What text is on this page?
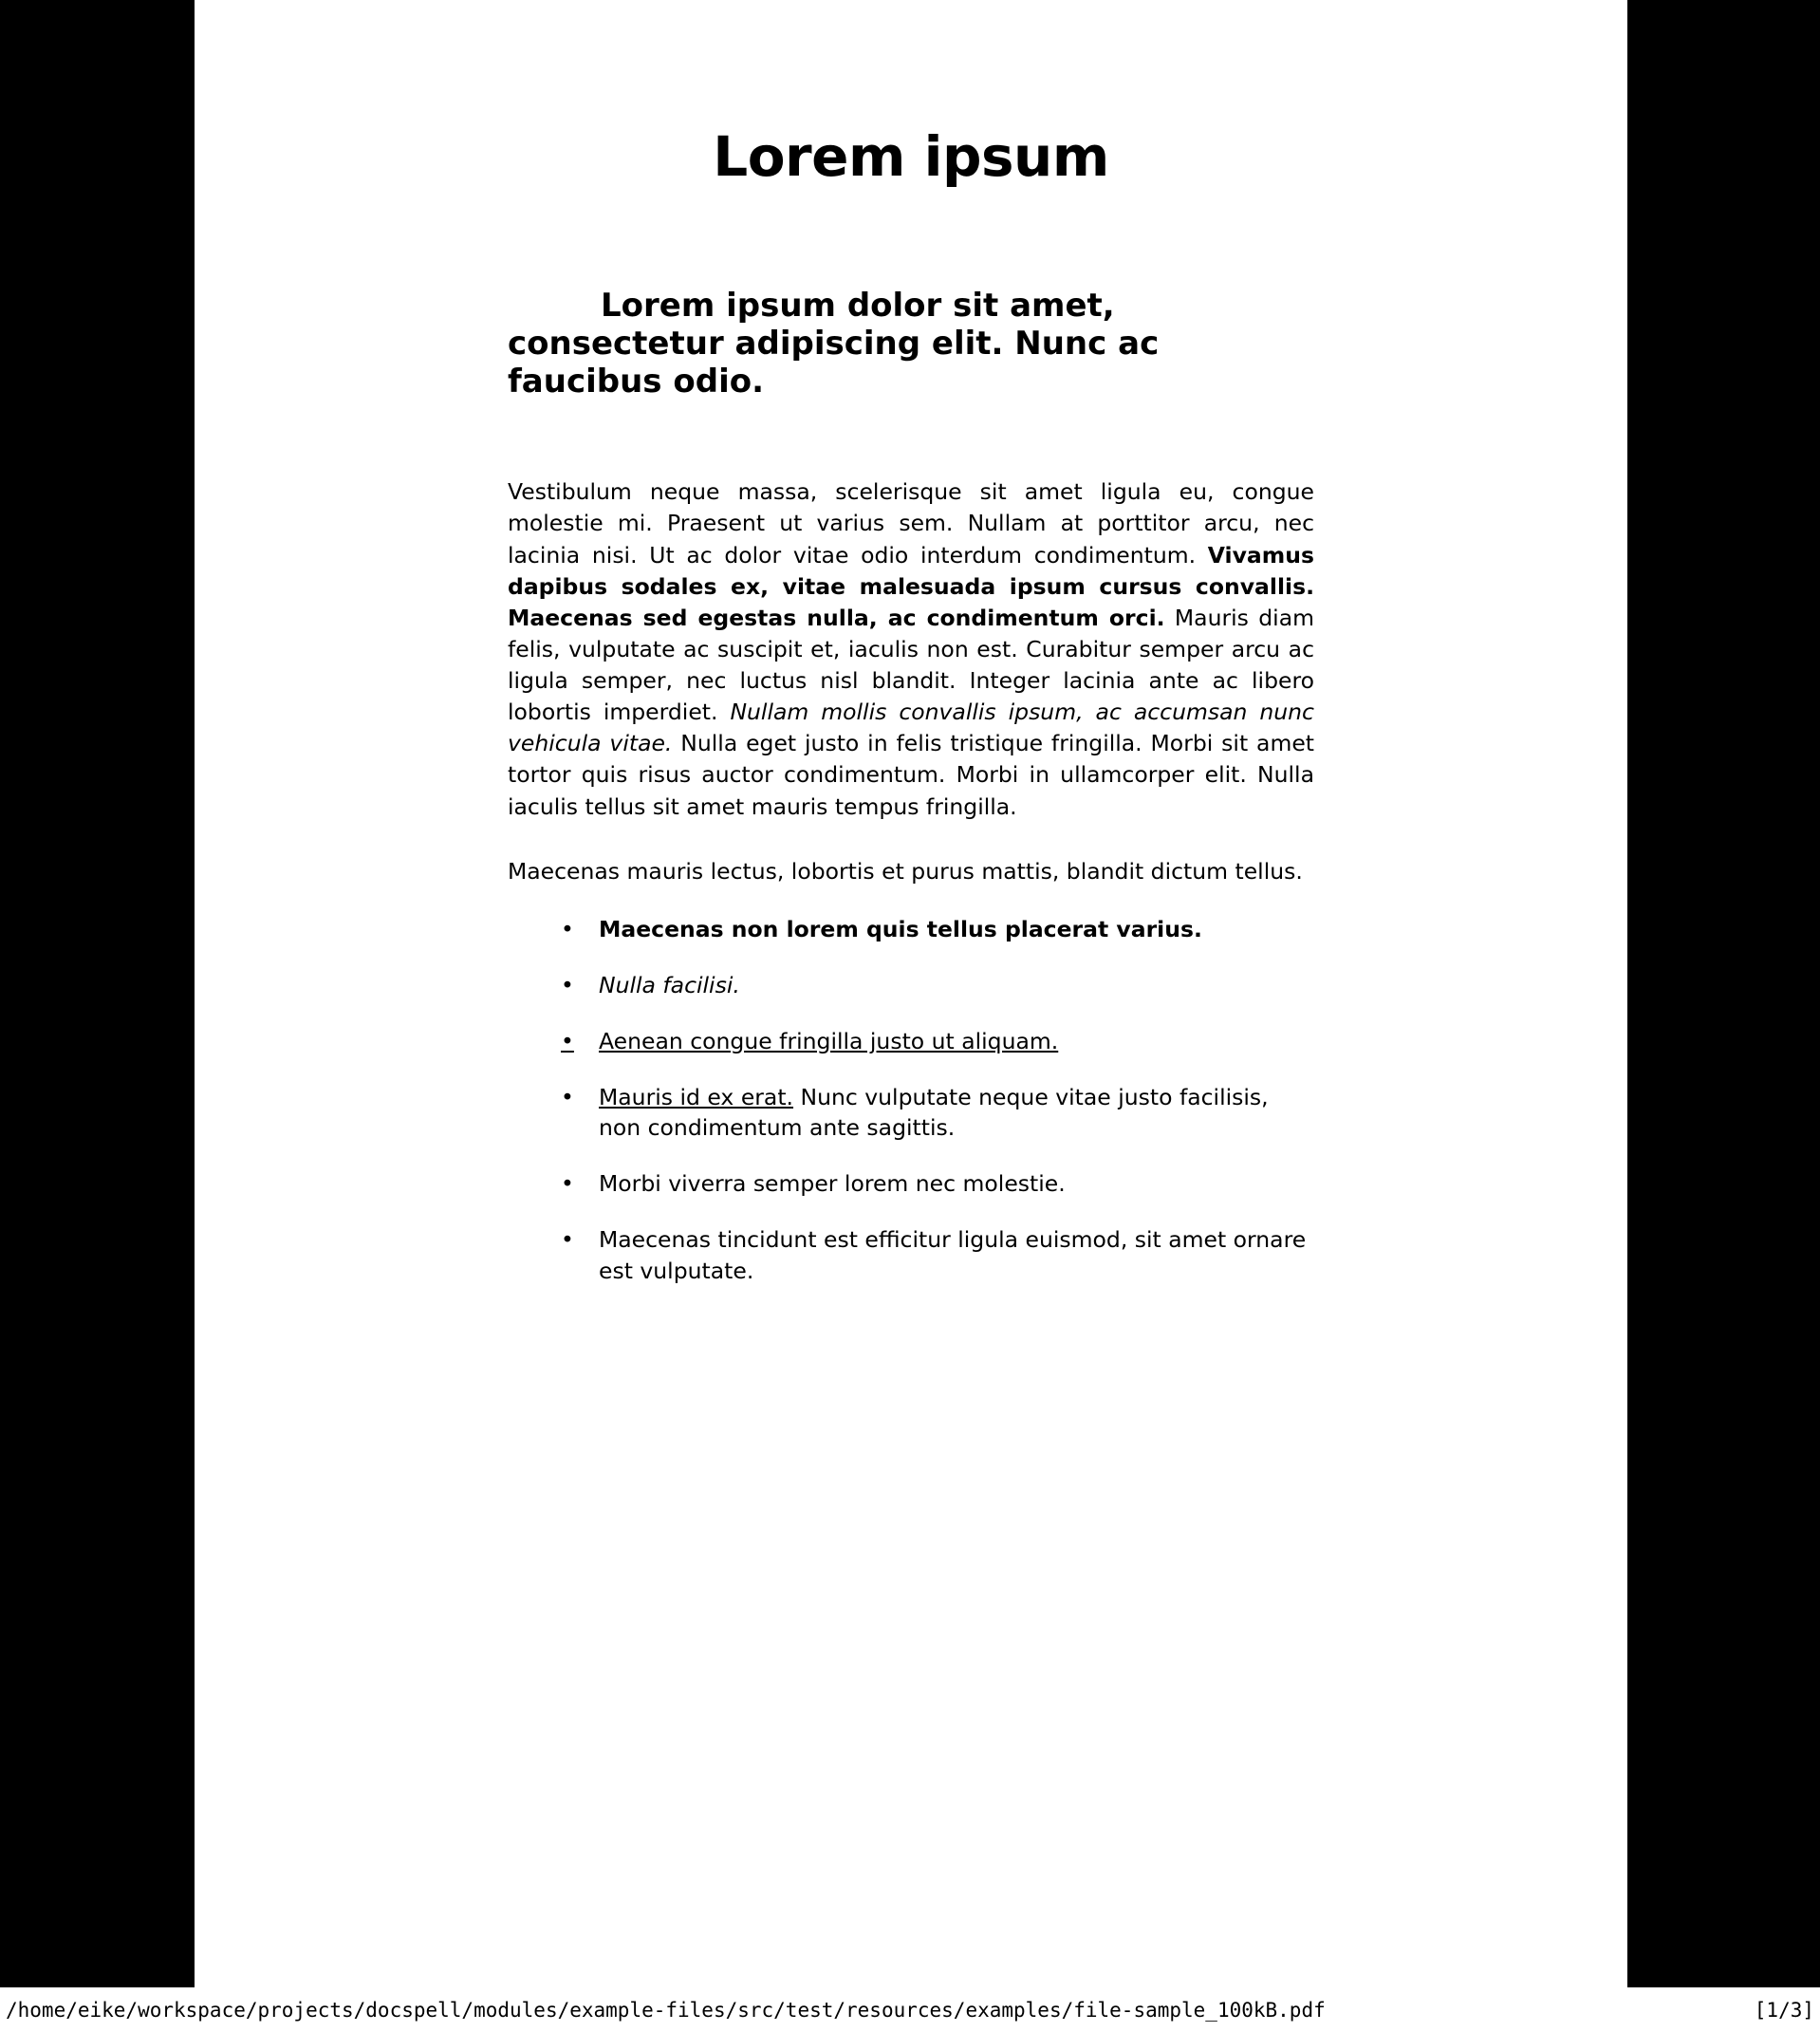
Lorem ipsum
Lorem ipsum dolor sit amet, consectetur adipiscing elit. Nunc ac faucibus odio.

Vestibulum neque massa, scelerisque sit amet ligula eu, congue molestie mi. Praesent ut varius sem. Nullam at porttitor arcu, nec lacinia nisi. Ut ac dolor vitae odio interdum condimentum. Vivamus dapibus sodales ex, vitae malesuada ipsum cursus convallis. Maecenas sed egestas nulla, ac condimentum orci. Mauris diam felis, vulputate ac suscipit et, iaculis non est. Curabitur semper arcu ac ligula semper, nec luctus nisl blandit. Integer lacinia ante ac libero lobortis imperdiet. Nullam mollis convallis ipsum, ac accumsan nunc vehicula vitae. Nulla eget justo in felis tristique fringilla. Morbi sit amet tortor quis risus auctor condimentum. Morbi in ullamcorper elit. Nulla iaculis tellus sit amet mauris tempus fringilla.

Maecenas mauris lectus, lobortis et purus mattis, blandit dictum tellus.

• Maecenas non lorem quis tellus placerat varius.
• Nulla facilisi.
• Aenean congue fringilla justo ut aliquam.
• Mauris id ex erat. Nunc vulputate neque vitae justo facilisis, non condimentum ante sagittis.
• Morbi viverra semper lorem nec molestie.
• Maecenas tincidunt est efficitur ligula euismod, sit amet ornare est vulputate.
/home/eike/workspace/projects/docspell/modules/example-files/src/test/resources/examples/file-sample_100kB.pdf	[1/3]
